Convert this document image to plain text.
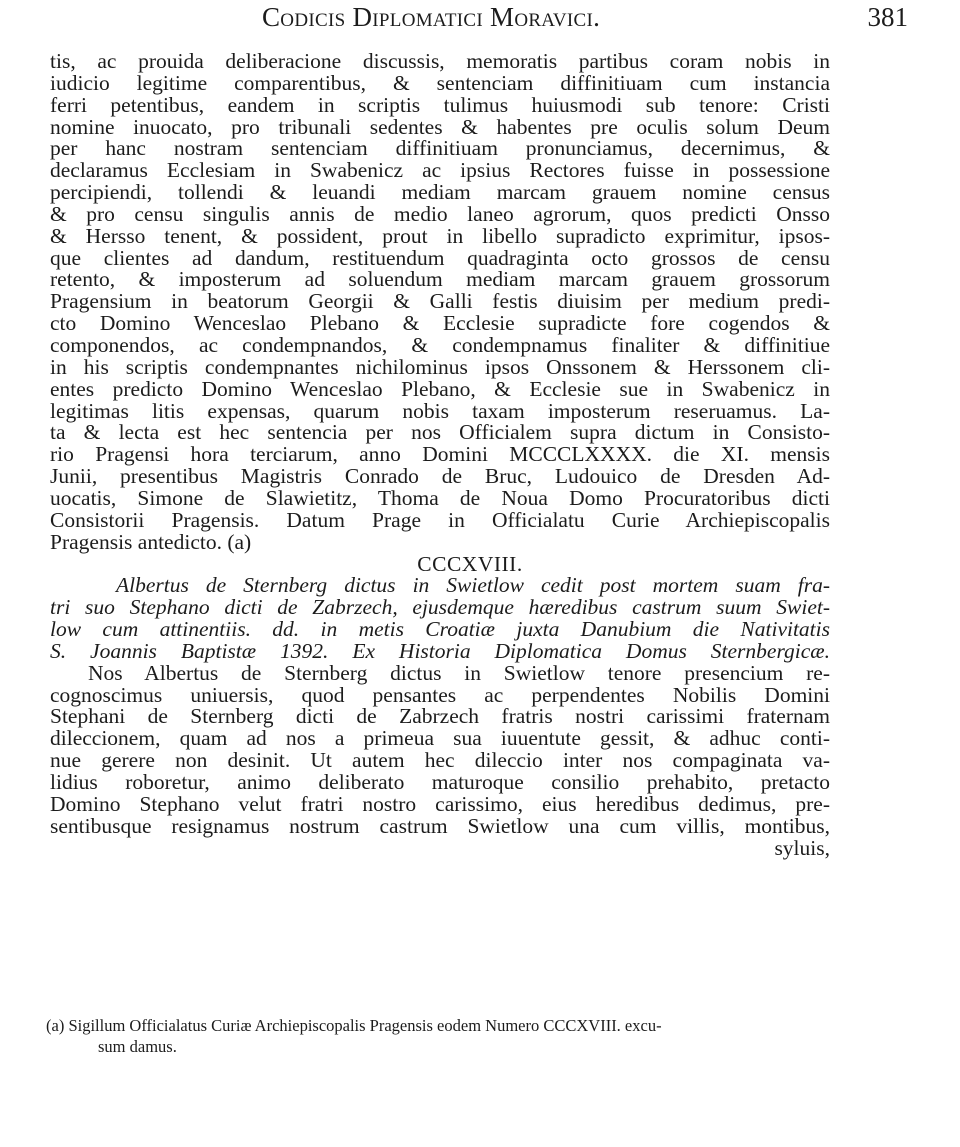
Codicis Diplomatici Moravici.	381
tis, ac prouida deliberacione discussis, memoratis partibus coram nobis in
iudicio legitime comparentibus, & sentenciam diffinitiuam cum instancia
ferri petentibus, eandem in scriptis tulimus huiusmodi sub tenore: Cristi
nomine inuocato, pro tribunali sedentes & habentes pre oculis solum Deum
per hanc nostram sentenciam diffinitiuam pronunciamus, decernimus, &
declaramus Ecclesiam in Swabenicz ac ipsius Rectores fuisse in possessione
percipiendi, tollendi & leuandi mediam marcam grauem nomine census
& pro censu singulis annis de medio laneo agrorum, quos predicti Onsso
& Hersso tenent, & possident, prout in libello supradicto exprimitur, ipsos-
que clientes ad dandum, restituendum quadraginta octo grossos de censu
retento, & imposterum ad soluendum mediam marcam grauem grossorum
Pragensium in beatorum Georgii & Galli festis diuisim per medium predi-
cto Domino Wenceslao Plebano & Ecclesie supradicte fore cogendos &
componendos, ac condempnandos, & condempnamus finaliter & diffinitiue
in his scriptis condempnantes nichilominus ipsos Onssonem & Herssonem cli-
entes predicto Domino Wenceslao Plebano, & Ecclesie sue in Swabenicz in
legitimas litis expensas, quarum nobis taxam imposterum reseruamus. La-
ta & lecta est hec sentencia per nos Officialem supra dictum in Consisto-
rio Pragensi hora terciarum, anno Domini MCCCLXXXX. die XI. mensis
Junii, presentibus Magistris Conrado de Bruc, Ludouico de Dresden Ad-
uocatis, Simone de Slawietitz, Thoma de Noua Domo Procuratoribus dicti
Consistorii Pragensis. Datum Prage in Officialatu Curie Archiepiscopalis
Pragensis antedicto. (a)
CCCXVIII.
Albertus de Sternberg dictus in Swietlow cedit post mortem suam fra-
tri suo Stephano dicti de Zabrzech, ejusdemque hæredibus castrum suum Swiet-
low cum attinentiis. dd. in metis Croatiæ juxta Danubium die Nativitatis
S. Joannis Baptistæ 1392. Ex Historia Diplomatica Domus Sternbergicæ.
Nos Albertus de Sternberg dictus in Swietlow tenore presencium re-
cognoscimus uniuersis, quod pensantes ac perpendentes Nobilis Domini
Stephani de Sternberg dicti de Zabrzech fratris nostri carissimi fraternam
dileccionem, quam ad nos a primeua sua iuuentute gessit, & adhuc conti-
nue gerere non desinit. Ut autem hec dileccio inter nos compaginata va-
lidius roboretur, animo deliberato maturoque consilio prehabito, pretacto
Domino Stephano velut fratri nostro carissimo, eius heredibus dedimus, pre-
sentibusque resignamus nostrum castrum Swietlow una cum villis, montibus,
syluis,
(a) Sigillum Officialatus Curiæ Archiepiscopalis Pragensis eodem Numero CCCXVIII. excu-
sum damus.
